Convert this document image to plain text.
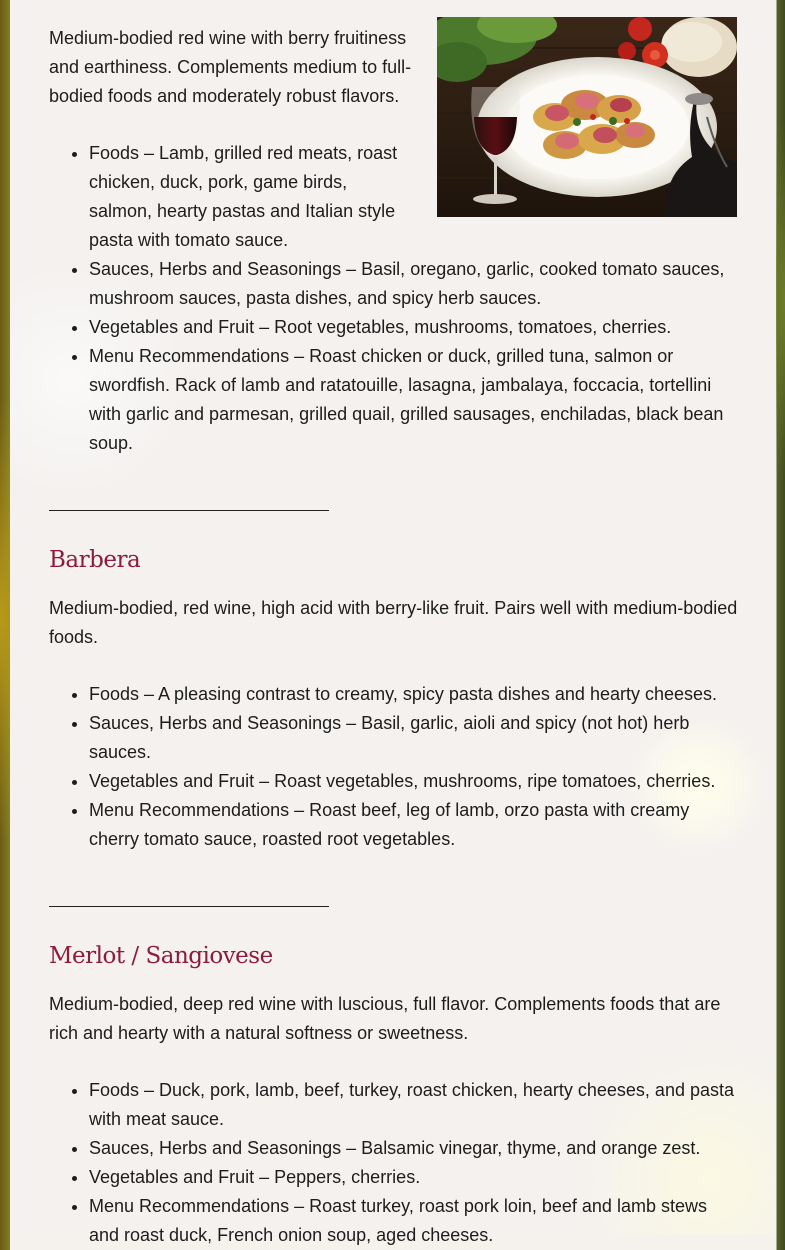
Medium-bodied red wine with berry fruitiness and earthiness. Complements medium to full-bodied foods and moderately robust flavors.

• Foods – Lamb, grilled red meats, roast chicken, duck, pork, game birds, salmon, hearty pastas and Italian style pasta with tomato sauce.
• Sauces, Herbs and Seasonings – Basil, oregano, garlic, cooked tomato sauces, mushroom sauces, pasta dishes, and spicy herb sauces.
• Vegetables and Fruit – Root vegetables, mushrooms, tomatoes, cherries.
• Menu Recommendations – Roast chicken or duck, grilled tuna, salmon or swordfish. Rack of lamb and ratatouille, lasagna, jambalaya, foccacia, tortellini with garlic and parmesan, grilled quail, grilled sausages, enchiladas, black bean soup.
Barbera

Medium-bodied, red wine, high acid with berry-like fruit. Pairs well with medium-bodied foods.

• Foods – A pleasing contrast to creamy, spicy pasta dishes and hearty cheeses.
• Sauces, Herbs and Seasonings – Basil, garlic, aioli and spicy (not hot) herb sauces.
• Vegetables and Fruit – Roast vegetables, mushrooms, ripe tomatoes, cherries.
• Menu Recommendations – Roast beef, leg of lamb, orzo pasta with creamy cherry tomato sauce, roasted root vegetables.
Merlot / Sangiovese

Medium-bodied, deep red wine with luscious, full flavor. Complements foods that are rich and hearty with a natural softness or sweetness.

• Foods – Duck, pork, lamb, beef, turkey, roast chicken, hearty cheeses, and pasta with meat sauce.
• Sauces, Herbs and Seasonings – Balsamic vinegar, thyme, and orange zest.
• Vegetables and Fruit – Peppers, cherries.
• Menu Recommendations – Roast turkey, roast pork loin, beef and lamb stews and roast duck, French onion soup, aged cheeses.
